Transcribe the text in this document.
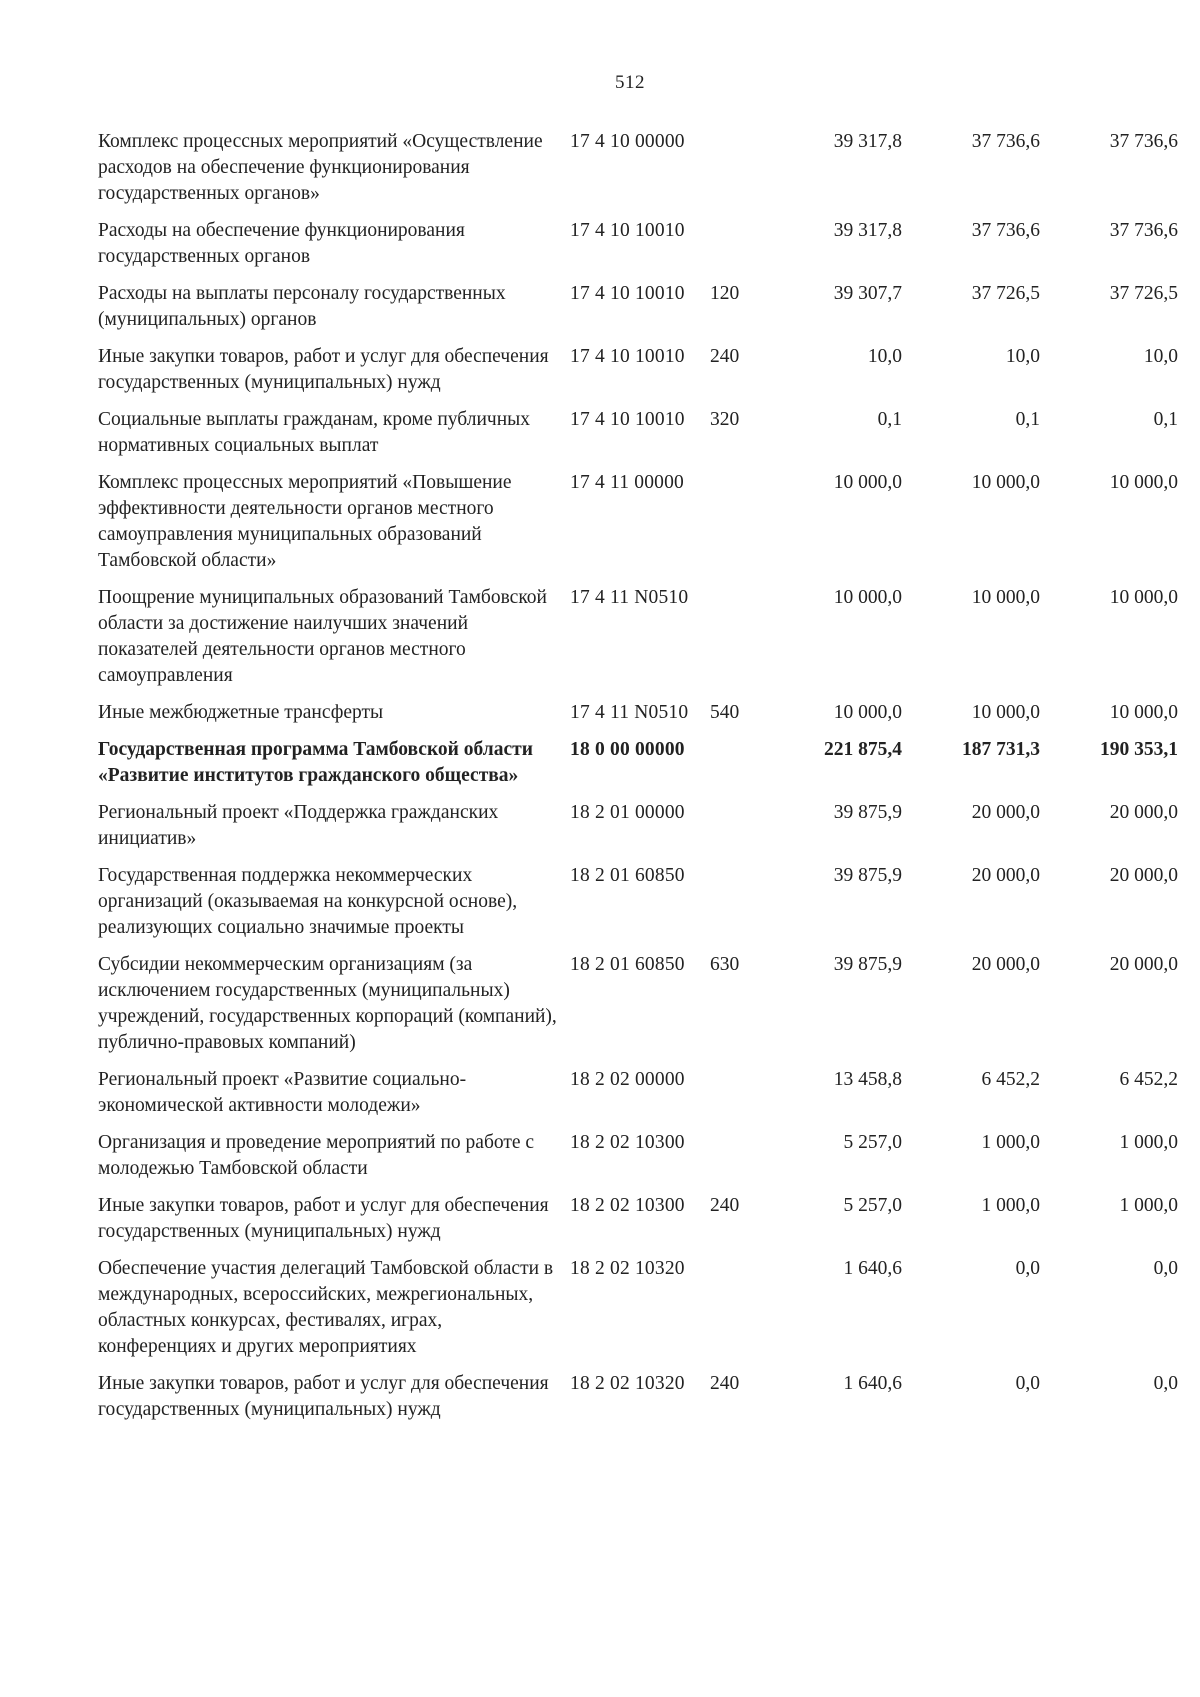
512
Комплекс процессных мероприятий «Осуществление расходов на обеспечение функционирования государственных органов»	17 4 10 00000		39 317,8	37 736,6	37 736,6
Расходы на обеспечение функционирования государственных органов	17 4 10 10010		39 317,8	37 736,6	37 736,6
Расходы на выплаты персоналу государственных (муниципальных) органов	17 4 10 10010	120	39 307,7	37 726,5	37 726,5
Иные закупки товаров, работ и услуг для обеспечения государственных (муниципальных) нужд	17 4 10 10010	240	10,0	10,0	10,0
Социальные выплаты гражданам, кроме публичных нормативных социальных выплат	17 4 10 10010	320	0,1	0,1	0,1
Комплекс процессных мероприятий «Повышение эффективности деятельности органов местного самоуправления муниципальных образований Тамбовской области»	17 4 11 00000		10 000,0	10 000,0	10 000,0
Поощрение муниципальных образований Тамбовской области за достижение наилучших значений показателей деятельности органов местного самоуправления	17 4 11 N0510		10 000,0	10 000,0	10 000,0
Иные межбюджетные трансферты	17 4 11 N0510	540	10 000,0	10 000,0	10 000,0
Государственная программа Тамбовской области «Развитие институтов гражданского общества»	18 0 00 00000		221 875,4	187 731,3	190 353,1
Региональный проект «Поддержка гражданских инициатив»	18 2 01 00000		39 875,9	20 000,0	20 000,0
Государственная поддержка некоммерческих организаций (оказываемая на конкурсной основе), реализующих социально значимые проекты	18 2 01 60850		39 875,9	20 000,0	20 000,0
Субсидии некоммерческим организациям (за исключением государственных (муниципальных) учреждений, государственных корпораций (компаний), публично-правовых компаний)	18 2 01 60850	630	39 875,9	20 000,0	20 000,0
Региональный проект «Развитие социально-экономической активности молодежи»	18 2 02 00000		13 458,8	6 452,2	6 452,2
Организация и проведение мероприятий по работе с молодежью Тамбовской области	18 2 02 10300		5 257,0	1 000,0	1 000,0
Иные закупки товаров, работ и услуг для обеспечения государственных (муниципальных) нужд	18 2 02 10300	240	5 257,0	1 000,0	1 000,0
Обеспечение участия делегаций Тамбовской области в международных, всероссийских, межрегиональных, областных конкурсах, фестивалях, играх, конференциях и других мероприятиях	18 2 02 10320		1 640,6	0,0	0,0
Иные закупки товаров, работ и услуг для обеспечения государственных (муниципальных) нужд	18 2 02 10320	240	1 640,6	0,0	0,0
